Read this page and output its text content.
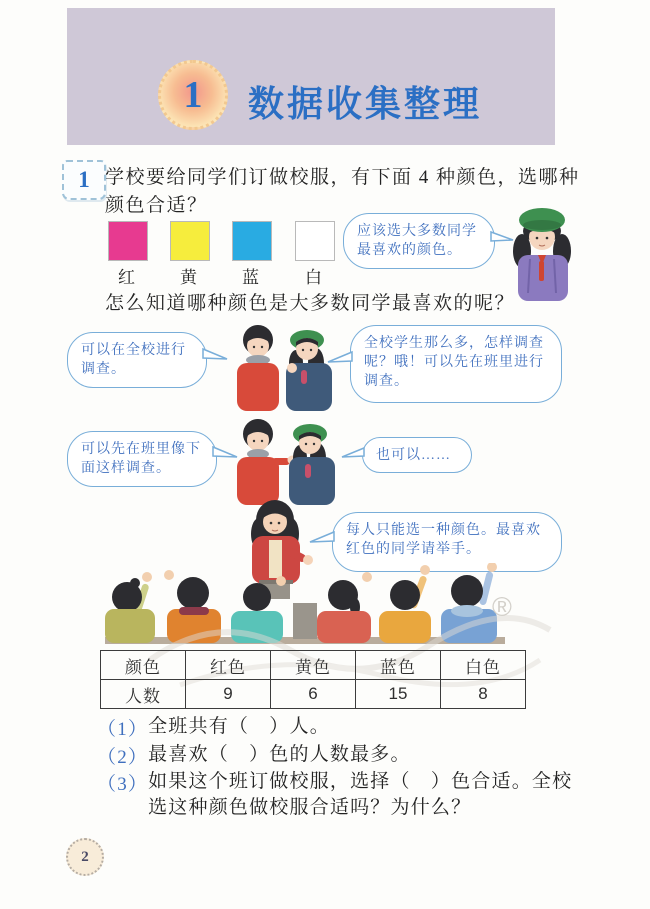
1 数据收集整理
1 学校要给同学们订做校服，有下面 4 种颜色，选哪种
颜色合适？
红	黄	蓝	白
应该选大多数同学最喜欢的颜色。
怎么知道哪种颜色是大多数同学最喜欢的呢？
可以在全校进行调查。
全校学生那么多，怎样调查呢？哦！可以先在班里进行调查。
可以先在班里像下面这样调查。
也可以……
每人只能选一种颜色。最喜欢红色的同学请举手。
®
颜色	红色	黄色	蓝色	白色
人数	9	6	15	8
（1） 全班共有（　）人。
（2） 最喜欢（　）色的人数最多。
（3） 如果这个班订做校服，选择（　）色合适。全校选这种颜色做校服合适吗？为什么？
2
